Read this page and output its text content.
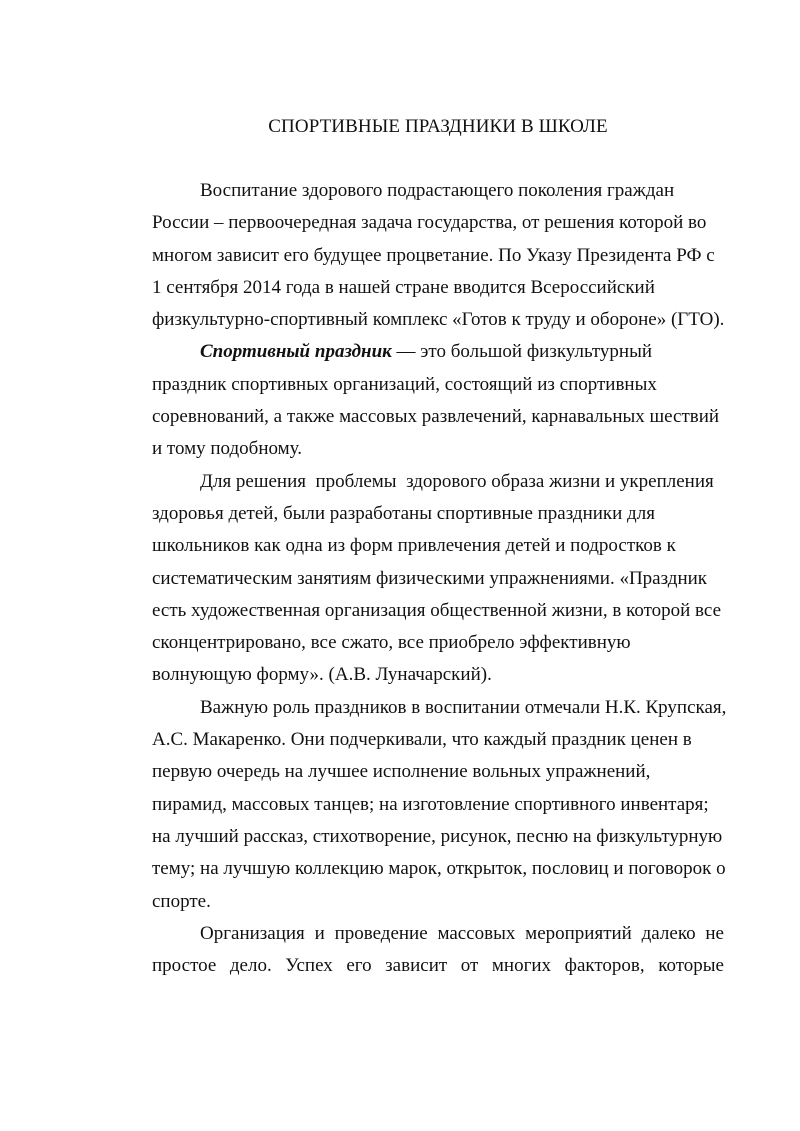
СПОРТИВНЫЕ ПРАЗДНИКИ В ШКОЛЕ

Воспитание здорового подрастающего поколения граждан
России – первоочередная задача государства, от решения которой во
многом зависит его будущее процветание. По Указу Президента РФ с
1 сентября 2014 года в нашей стране вводится Всероссийский
физкультурно-спортивный комплекс «Готов к труду и обороне» (ГТО).

Спортивный праздник — это большой физкультурный
праздник спортивных организаций, состоящий из спортивных
соревнований, а также массовых развлечений, карнавальных шествий
и тому подобному.

Для решения  проблемы  здорового образа жизни и укрепления
здоровья детей, были разработаны спортивные праздники для
школьников как одна из форм привлечения детей и подростков к
систематическим занятиям физическими упражнениями. «Праздник
есть художественная организация общественной жизни, в которой все
сконцентрировано, все сжато, все приобрело эффективную
волнующую форму». (А.В. Луначарский).

Важную роль праздников в воспитании отмечали Н.К. Крупская,
А.С. Макаренко. Они подчеркивали, что каждый праздник ценен в
первую очередь на лучшее исполнение вольных упражнений,
пирамид, массовых танцев; на изготовление спортивного инвентаря;
на лучший рассказ, стихотворение, рисунок, песню на физкультурную
тему; на лучшую коллекцию марок, открыток, пословиц и поговорок о
спорте.

Организация и проведение массовых мероприятий далеко не
простое дело. Успех его зависит от многих факторов, которые
